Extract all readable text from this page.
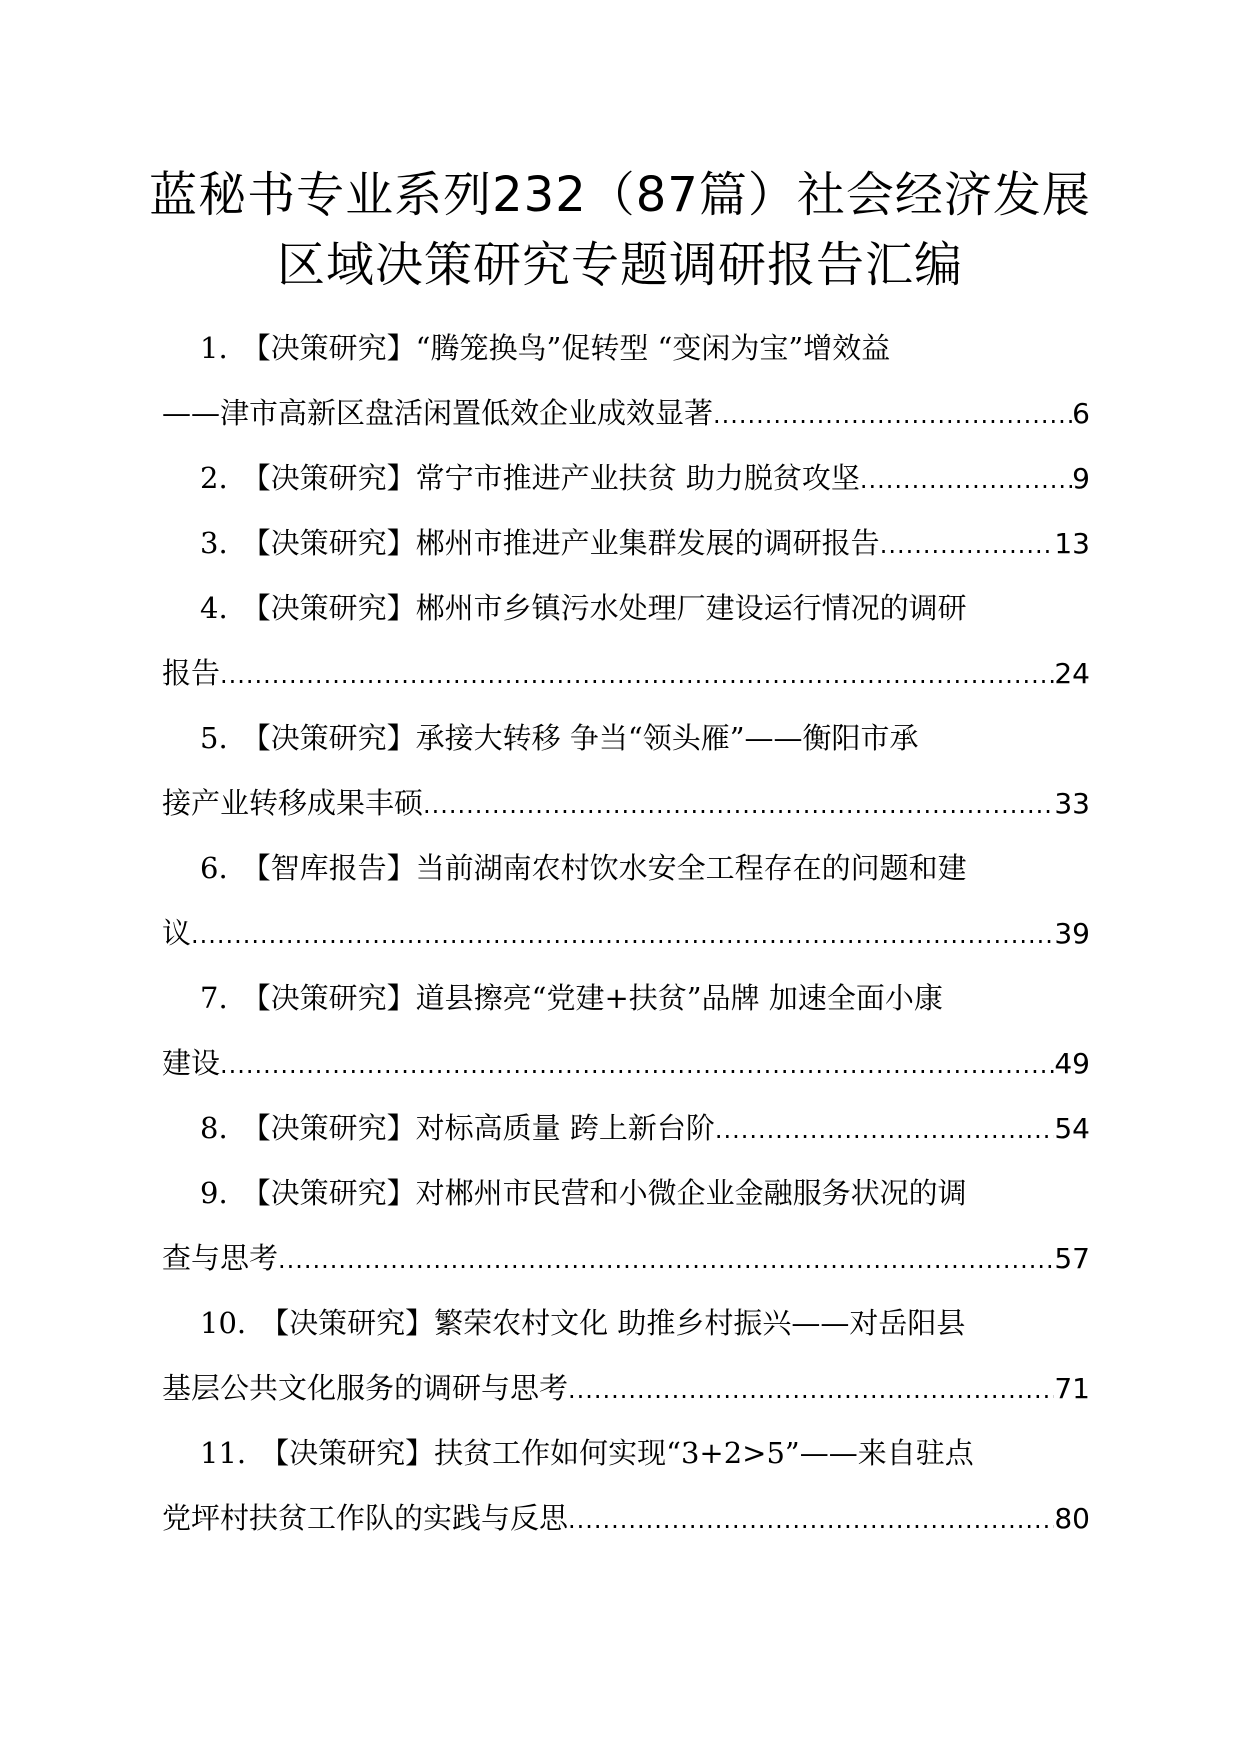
蓝秘书专业系列232（87篇）社会经济发展
区域决策研究专题调研报告汇编
1. 【决策研究】“腾笼换鸟”促转型 “变闲为宝”增效益
——津市高新区盘活闲置低效企业成效显著 .....	6
2. 【决策研究】常宁市推进产业扶贫 助力脱贫攻坚 .....	9
3. 【决策研究】郴州市推进产业集群发展的调研报告 .....	13
4. 【决策研究】郴州市乡镇污水处理厂建设运行情况的调研
报告 .....	24
5. 【决策研究】承接大转移 争当“领头雁”——衡阳市承
接产业转移成果丰硕 .....	33
6. 【智库报告】当前湖南农村饮水安全工程存在的问题和建
议 .....	39
7. 【决策研究】道县擦亮“党建+扶贫”品牌 加速全面小康
建设 .....	49
8. 【决策研究】对标高质量 跨上新台阶 .....	54
9. 【决策研究】对郴州市民营和小微企业金融服务状况的调
查与思考 .....	57
10. 【决策研究】繁荣农村文化 助推乡村振兴——对岳阳县
基层公共文化服务的调研与思考 .....	71
11. 【决策研究】扶贫工作如何实现“3+2>5”——来自驻点
党坪村扶贫工作队的实践与反思 .....	80
